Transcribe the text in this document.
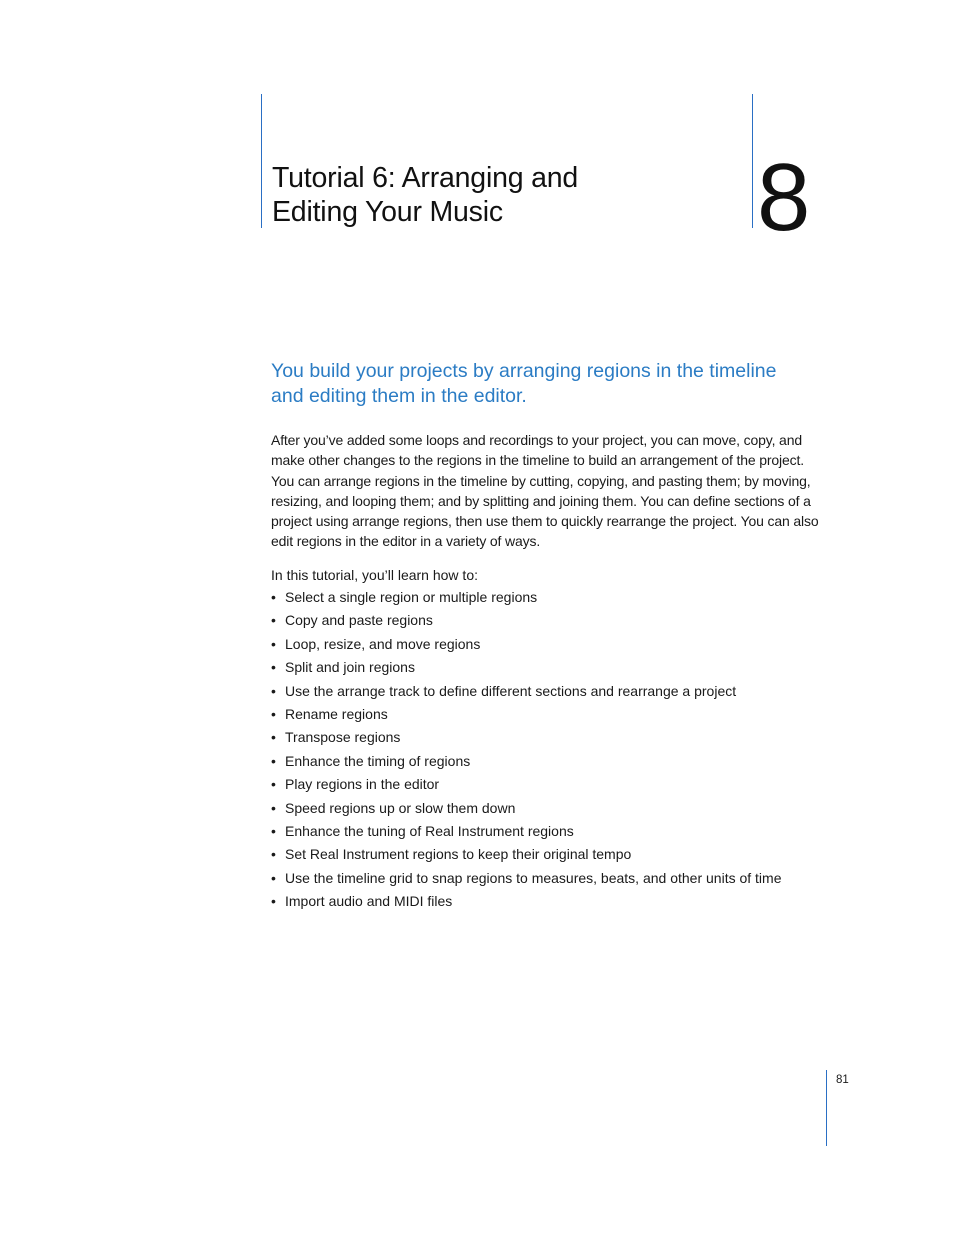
Tutorial 6: Arranging and
Editing Your Music	8

You build your projects by arranging regions in the timeline and editing them in the editor.

After you’ve added some loops and recordings to your project, you can move, copy, and make other changes to the regions in the timeline to build an arrangement of the project. You can arrange regions in the timeline by cutting, copying, and pasting them; by moving, resizing, and looping them; and by splitting and joining them. You can define sections of a project using arrange regions, then use them to quickly rearrange the project. You can also edit regions in the editor in a variety of ways.

In this tutorial, you’ll learn how to:

• Select a single region or multiple regions
• Copy and paste regions
• Loop, resize, and move regions
• Split and join regions
• Use the arrange track to define different sections and rearrange a project
• Rename regions
• Transpose regions
• Enhance the timing of regions
• Play regions in the editor
• Speed regions up or slow them down
• Enhance the tuning of Real Instrument regions
• Set Real Instrument regions to keep their original tempo
• Use the timeline grid to snap regions to measures, beats, and other units of time
• Import audio and MIDI files
81
